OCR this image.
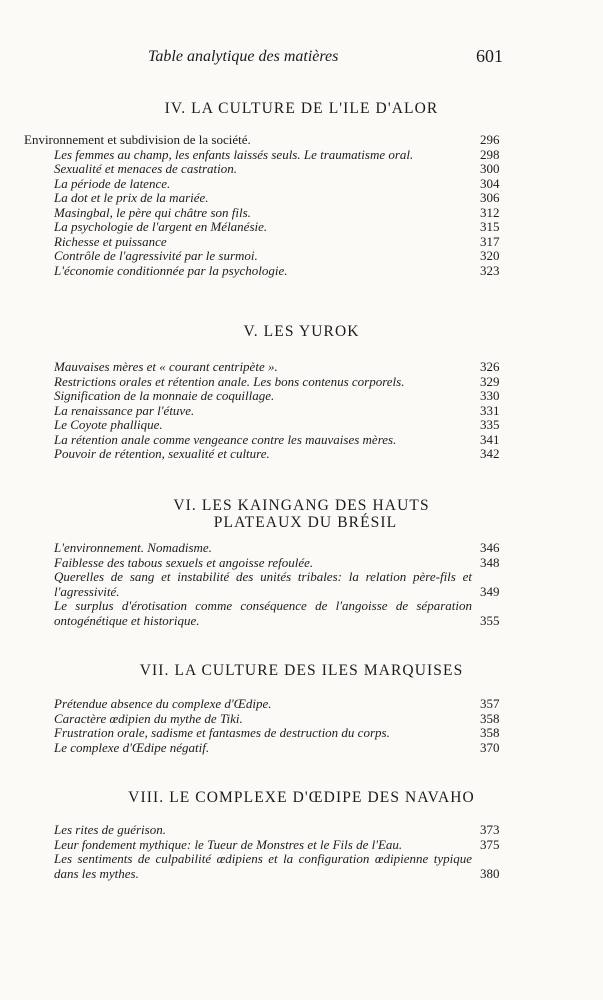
Table analytique des matières	601

IV. LA CULTURE DE L'ILE D'ALOR

Environnement et subdivision de la société.	296
Les femmes au champ, les enfants laissés seuls. Le traumatisme oral.	298
Sexualité et menaces de castration.	300
La période de latence.	304
La dot et le prix de la mariée.	306
Masingbal, le père qui châtre son fils.	312
La psychologie de l'argent en Mélanésie.	315
Richesse et puissance	317
Contrôle de l'agressivité par le surmoi.	320
L'économie conditionnée par la psychologie.	323

V. LES YUROK

Mauvaises mères et « courant centripète ».	326
Restrictions orales et rétention anale. Les bons contenus corporels.	329
Signification de la monnaie de coquillage.	330
La renaissance par l'étuve.	331
Le Coyote phallique.	335
La rétention anale comme vengeance contre les mauvaises mères.	341
Pouvoir de rétention, sexualité et culture.	342

VI. LES KAINGANG DES HAUTS

PLATEAUX DU BRÉSIL

L'environnement. Nomadisme.	346
Faiblesse des tabous sexuels et angoisse refoulée.	348
Querelles de sang et instabilité des unités tribales: la relation père-fils et l'agressivité.	349
Le surplus d'érotisation comme conséquence de l'angoisse de séparation ontogénétique et historique.	355

VII. LA CULTURE DES ILES MARQUISES

Prétendue absence du complexe d'Œdipe.	357
Caractère œdipien du mythe de Tiki.	358
Frustration orale, sadisme et fantasmes de destruction du corps.	358
Le complexe d'Œdipe négatif.	370

VIII. LE COMPLEXE D'ŒDIPE DES NAVAHO

Les rites de guérison.	373
Leur fondement mythique: le Tueur de Monstres et le Fils de l'Eau.	375
Les sentiments de culpabilité œdipiens et la configuration œdipienne typique dans les mythes.	380
